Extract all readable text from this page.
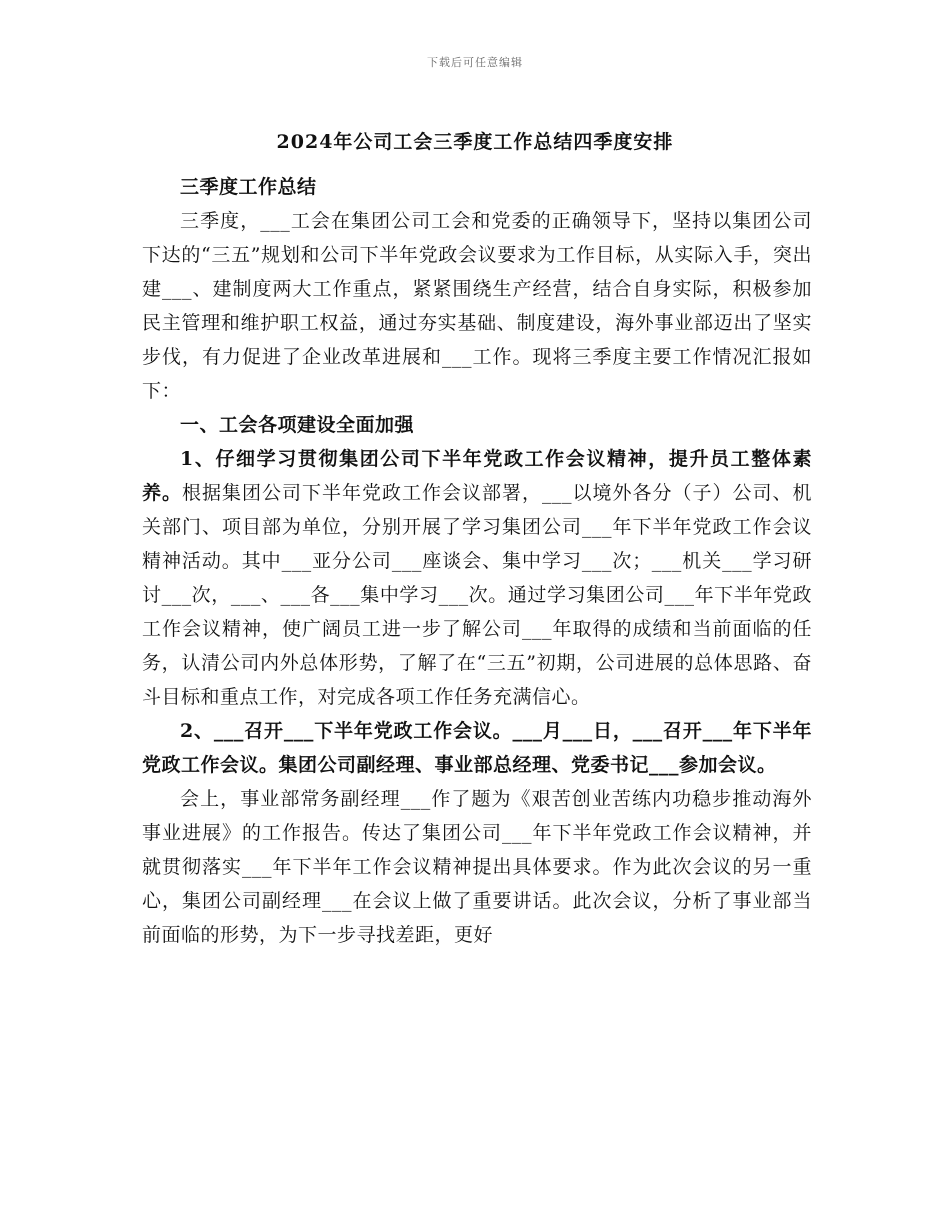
下载后可任意编辑
2024年公司工会三季度工作总结四季度安排

三季度工作总结

三季度，___工会在集团公司工会和党委的正确领导下，坚持以集团公司下达的“三五”规划和公司下半年党政会议要求为工作目标，从实际入手，突出建___、建制度两大工作重点，紧紧围绕生产经营，结合自身实际，积极参加民主管理和维护职工权益，通过夯实基础、制度建设，海外事业部迈出了坚实步伐，有力促进了企业改革进展和___工作。现将三季度主要工作情况汇报如下：

一、工会各项建设全面加强

1、仔细学习贯彻集团公司下半年党政工作会议精神，提升员工整体素养。根据集团公司下半年党政工作会议部署，___以境外各分（子）公司、机关部门、项目部为单位，分别开展了学习集团公司___年下半年党政工作会议精神活动。其中___亚分公司___座谈会、集中学习___次；___机关___学习研讨___次，___、___各___集中学习___次。通过学习集团公司___年下半年党政工作会议精神，使广阔员工进一步了解公司___年取得的成绩和当前面临的任务，认清公司内外总体形势，了解了在“三五”初期，公司进展的总体思路、奋斗目标和重点工作，对完成各项工作任务充满信心。

2、___召开___下半年党政工作会议。___月___日，___召开___年下半年党政工作会议。集团公司副经理、事业部总经理、党委书记___参加会议。

会上，事业部常务副经理___作了题为《艰苦创业苦练内功稳步推动海外事业进展》的工作报告。传达了集团公司___年下半年党政工作会议精神，并就贯彻落实___年下半年工作会议精神提出具体要求。作为此次会议的另一重心，集团公司副经理___在会议上做了重要讲话。此次会议，分析了事业部当前面临的形势，为下一步寻找差距，更好
